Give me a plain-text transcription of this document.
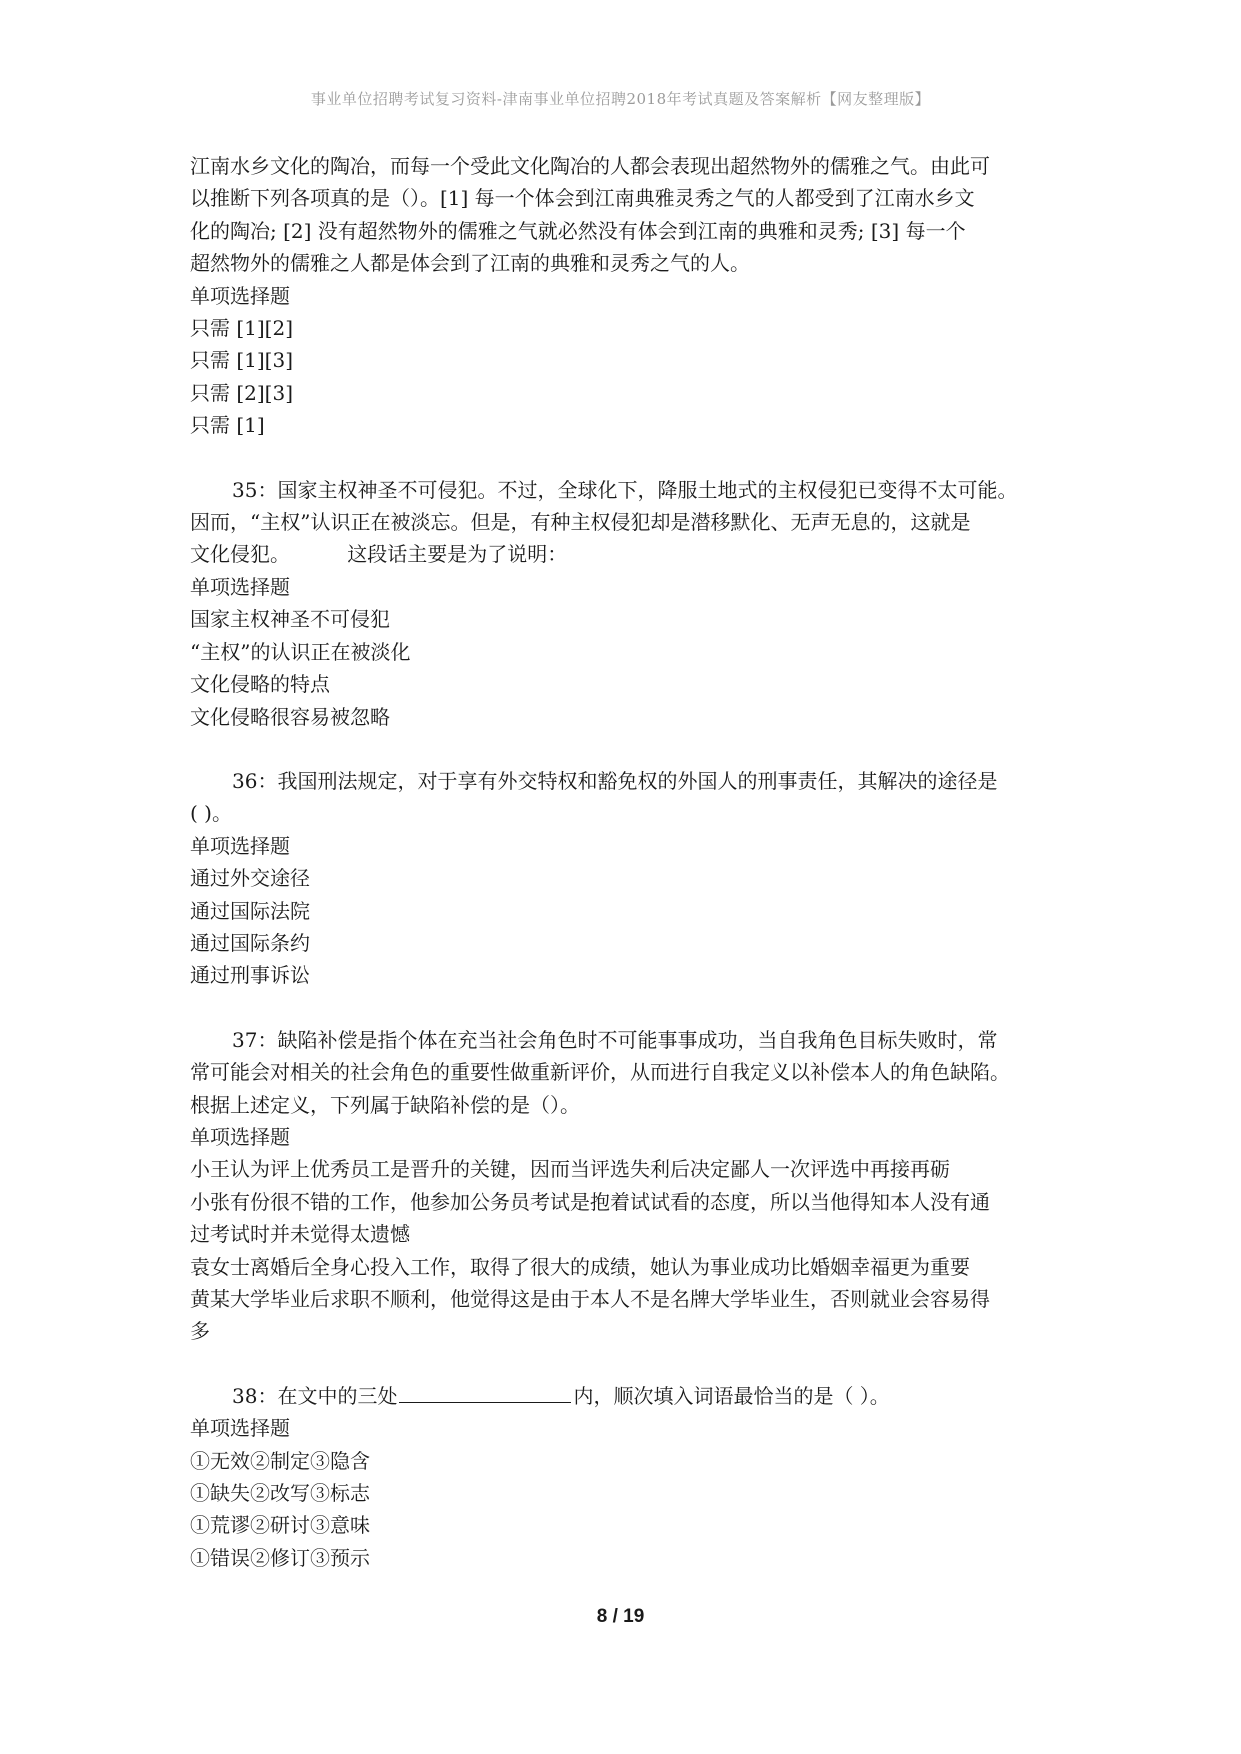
事业单位招聘考试复习资料-津南事业单位招聘2018年考试真题及答案解析【网友整理版】
江南水乡文化的陶冶，而每一个受此文化陶冶的人都会表现出超然物外的儒雅之气。由此可
以推断下列各项真的是（）。[1] 每一个体会到江南典雅灵秀之气的人都受到了江南水乡文
化的陶冶; [2] 没有超然物外的儒雅之气就必然没有体会到江南的典雅和灵秀; [3] 每一个
超然物外的儒雅之人都是体会到了江南的典雅和灵秀之气的人。
单项选择题
只需 [1][2]
只需 [1][3]
只需 [2][3]
只需 [1]
35：国家主权神圣不可侵犯。不过，全球化下，降服土地式的主权侵犯已变得不太可能。
因而，“主权”认识正在被淡忘。但是，有种主权侵犯却是潜移默化、无声无息的，这就是
文化侵犯。         这段话主要是为了说明：
单项选择题
国家主权神圣不可侵犯
“主权”的认识正在被淡化
文化侵略的特点
文化侵略很容易被忽略
36：我国刑法规定，对于享有外交特权和豁免权的外国人的刑事责任，其解决的途径是
( )。
单项选择题
通过外交途径
通过国际法院
通过国际条约
通过刑事诉讼
37：缺陷补偿是指个体在充当社会角色时不可能事事成功，当自我角色目标失败时，常
常可能会对相关的社会角色的重要性做重新评价，从而进行自我定义以补偿本人的角色缺陷。
根据上述定义，下列属于缺陷补偿的是（）。
单项选择题
小王认为评上优秀员工是晋升的关键，因而当评选失利后决定鄙人一次评选中再接再砺
小张有份很不错的工作，他参加公务员考试是抱着试试看的态度，所以当他得知本人没有通
过考试时并未觉得太遗憾
袁女士离婚后全身心投入工作，取得了很大的成绩，她认为事业成功比婚姻幸福更为重要
黄某大学毕业后求职不顺利，他觉得这是由于本人不是名牌大学毕业生，否则就业会容易得
多
38：在文中的三处	内，顺次填入词语最恰当的是（ ）。
单项选择题
①无效②制定③隐含
①缺失②改写③标志
①荒谬②研讨③意味
①错误②修订③预示
8 / 19
